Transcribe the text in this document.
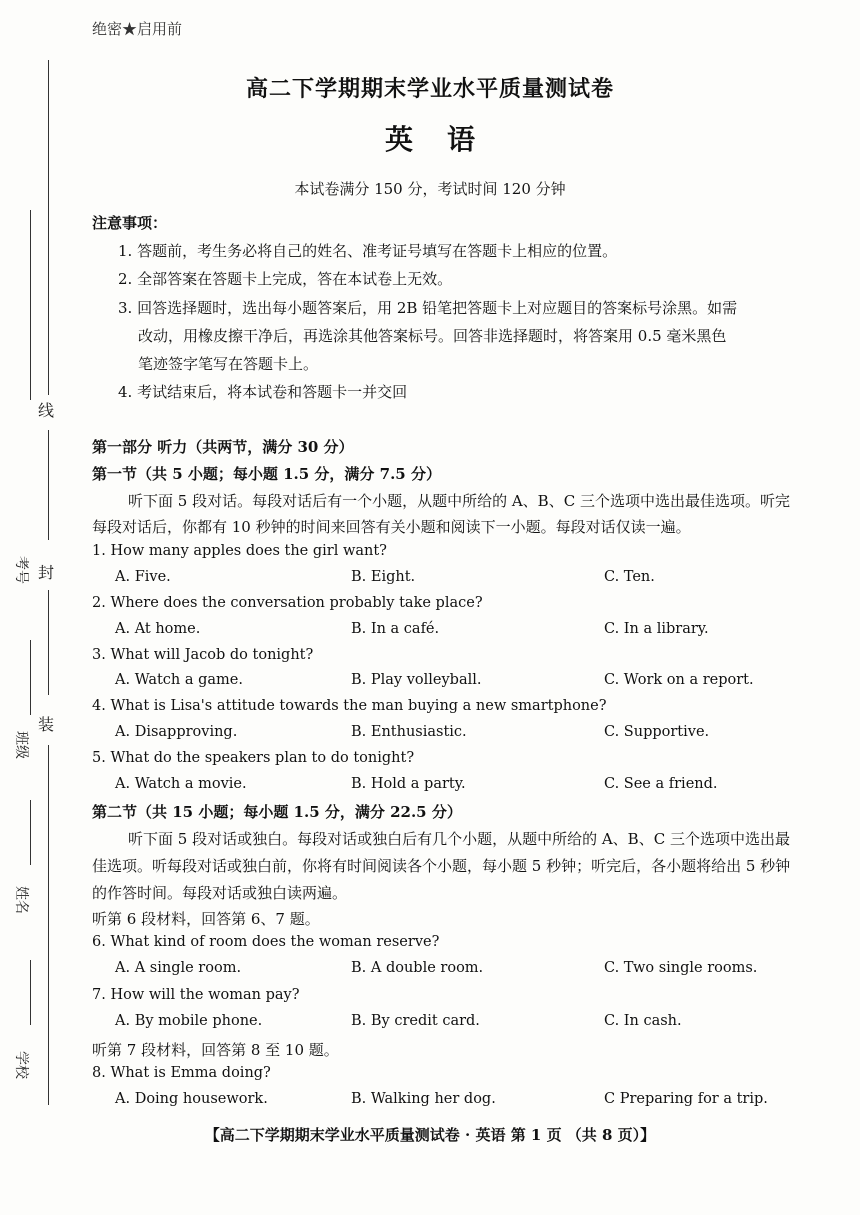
线
封
装
考号
班级
姓名
学校
绝密★启用前
高二下学期期末学业水平质量测试卷
英语
本试卷满分 150 分，考试时间 120 分钟
注意事项：
1. 答题前，考生务必将自己的姓名、准考证号填写在答题卡上相应的位置。
2. 全部答案在答题卡上完成，答在本试卷上无效。
3. 回答选择题时，选出每小题答案后，用 2B 铅笔把答题卡上对应题目的答案标号涂黑。如需
改动，用橡皮擦干净后，再选涂其他答案标号。回答非选择题时，将答案用 0.5 毫米黑色
笔迹签字笔写在答题卡上。
4. 考试结束后，将本试卷和答题卡一并交回
第一部分 听力（共两节，满分 30 分）
第一节（共 5 小题；每小题 1.5 分，满分 7.5 分）
听下面 5 段对话。每段对话后有一个小题，从题中所给的 A、B、C 三个选项中选出最佳选项。听完
每段对话后，你都有 10 秒钟的时间来回答有关小题和阅读下一小题。每段对话仅读一遍。
1. How many apples does the girl want?
A. Five.	B. Eight.	C. Ten.
2. Where does the conversation probably take place?
A. At home.	B. In a café.	C. In a library.
3. What will Jacob do tonight?
A. Watch a game.	B. Play volleyball.	C. Work on a report.
4. What is Lisa's attitude towards the man buying a new smartphone?
A. Disapproving.	B. Enthusiastic.	C. Supportive.
5. What do the speakers plan to do tonight?
A. Watch a movie.	B. Hold a party.	C. See a friend.
第二节（共 15 小题；每小题 1.5 分，满分 22.5 分）
听下面 5 段对话或独白。每段对话或独白后有几个小题，从题中所给的 A、B、C 三个选项中选出最
佳选项。听每段对话或独白前，你将有时间阅读各个小题，每小题 5 秒钟；听完后，各小题将给出 5 秒钟
的作答时间。每段对话或独白读两遍。
听第 6 段材料，回答第 6、7 题。
6. What kind of room does the woman reserve?
A. A single room.	B. A double room.	C. Two single rooms.
7. How will the woman pay?
A. By mobile phone.	B. By credit card.	C. In cash.
听第 7 段材料，回答第 8 至 10 题。
8. What is Emma doing?
A. Doing housework.	B. Walking her dog.	C Preparing for a trip.
【高二下学期期末学业水平质量测试卷 · 英语 第 1 页 （共 8 页）】
